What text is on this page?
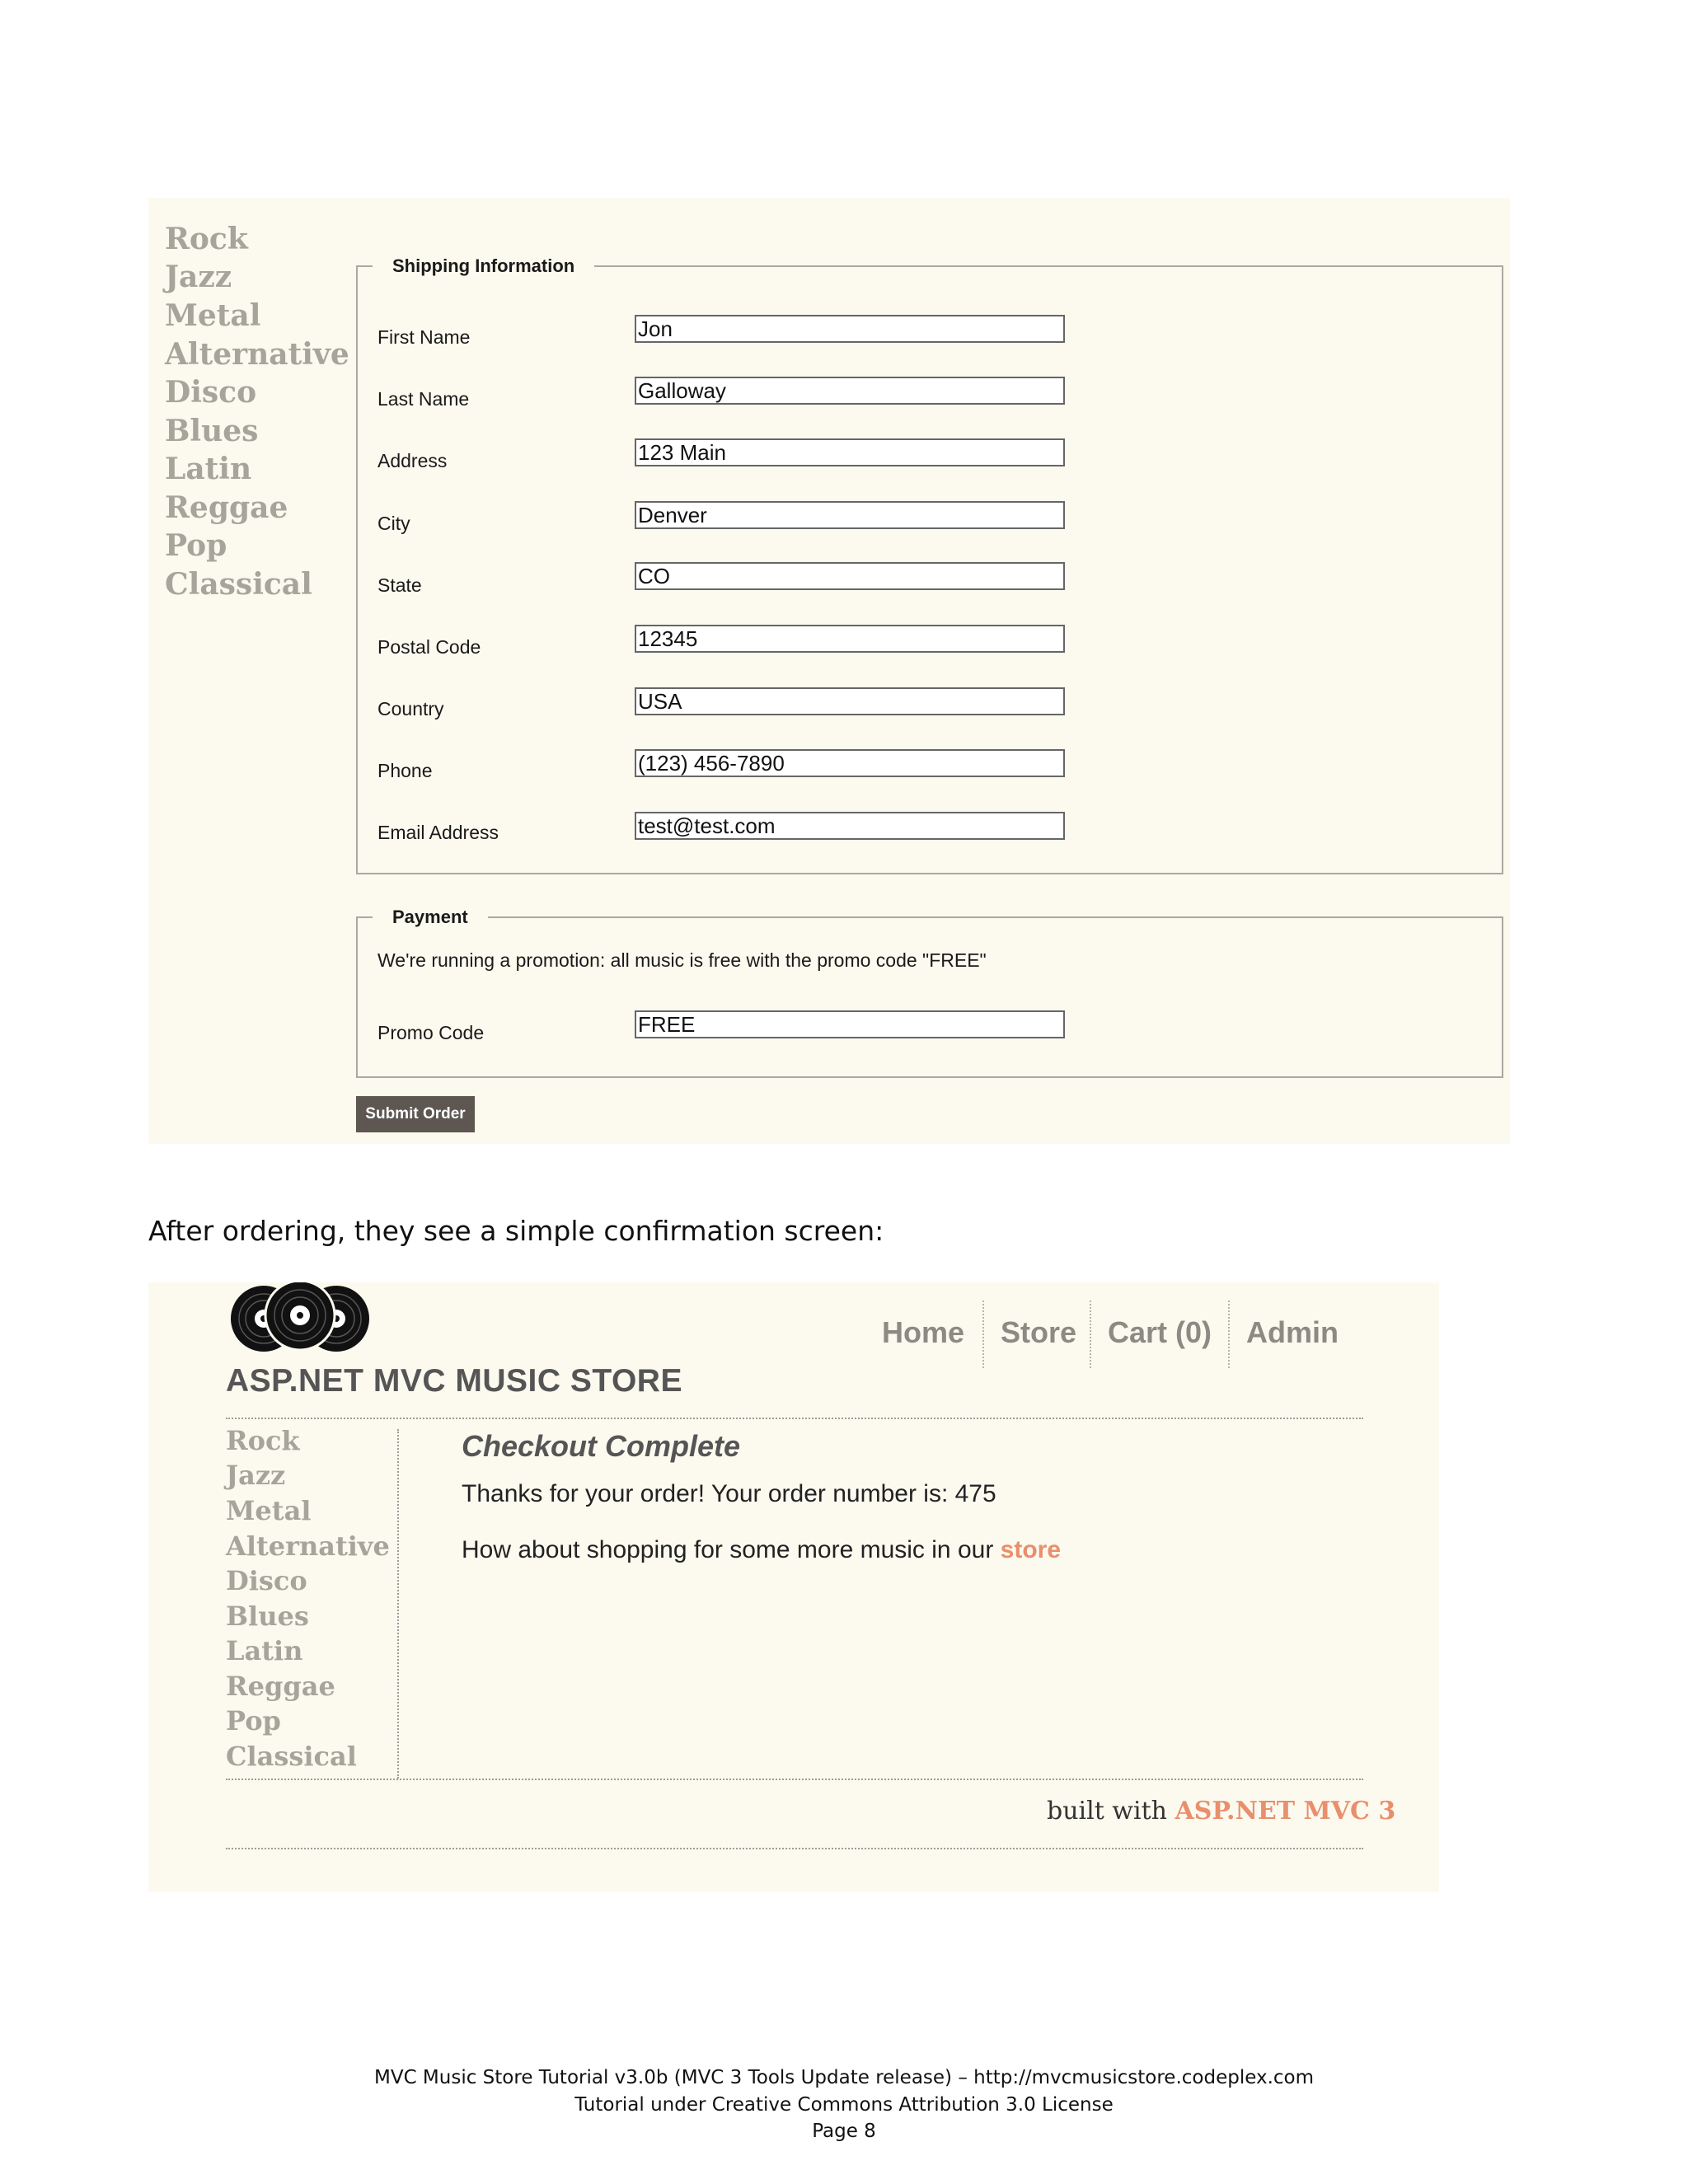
Rock
Jazz
Metal
Alternative
Disco
Blues
Latin
Reggae
Pop
Classical
Shipping Information
First Name	Jon
Last Name	Galloway
Address	123 Main
City	Denver
State	CO
Postal Code	12345
Country	USA
Phone	(123) 456-7890
Email Address	test@test.com
Payment
We're running a promotion: all music is free with the promo code "FREE"
Promo Code	FREE
Submit Order
After ordering, they see a simple confirmation screen:
ASP.NET MVC MUSIC STORE
Home Store Cart (0) Admin
Rock
Jazz
Metal
Alternative
Disco
Blues
Latin
Reggae
Pop
Classical
Checkout Complete
Thanks for your order! Your order number is: 475
How about shopping for some more music in our store
built with ASP.NET MVC 3
MVC Music Store Tutorial v3.0b (MVC 3 Tools Update release) – http://mvcmusicstore.codeplex.com
Tutorial under Creative Commons Attribution 3.0 License
Page 8
